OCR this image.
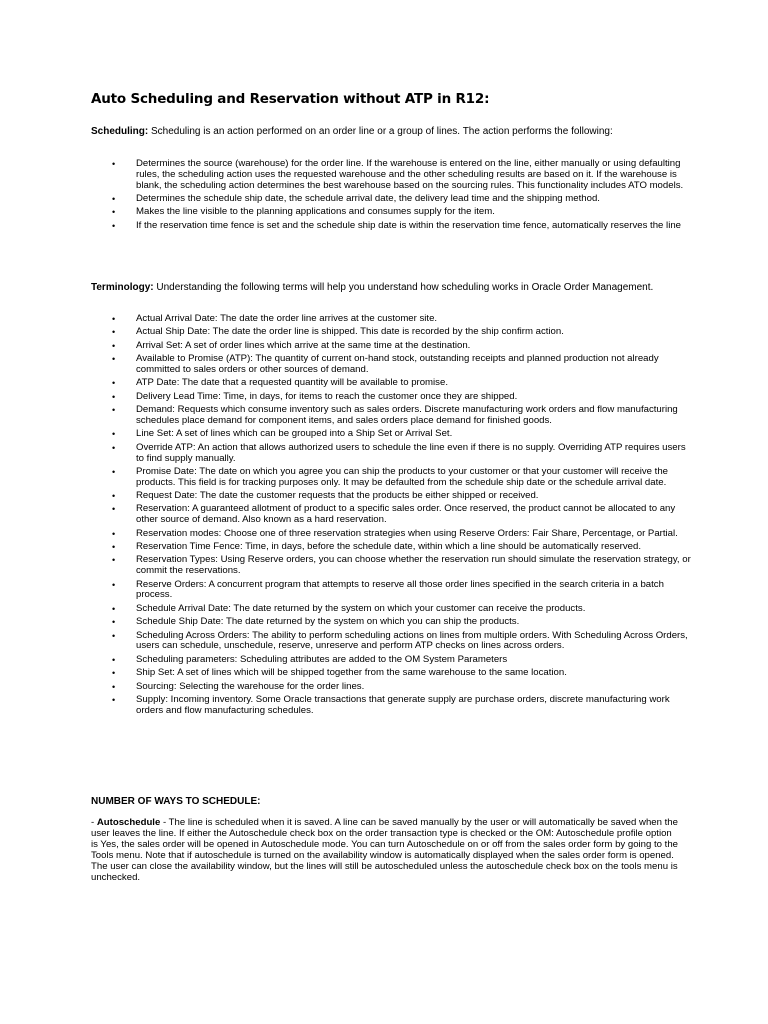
Auto Scheduling and Reservation without ATP in R12:
Scheduling: Scheduling is an action performed on an order line or a group of lines. The action performs the following:
• Determines the source (warehouse) for the order line. If the warehouse is entered on the line, either manually or using defaulting rules, the scheduling action uses the requested warehouse and the other scheduling results are based on it. If the warehouse is blank, the scheduling action determines the best warehouse based on the sourcing rules. This functionality includes ATO models.
• Determines the schedule ship date, the schedule arrival date, the delivery lead time and the shipping method.
• Makes the line visible to the planning applications and consumes supply for the item.
• If the reservation time fence is set and the schedule ship date is within the reservation time fence, automatically reserves the line
Terminology: Understanding the following terms will help you understand how scheduling works in Oracle Order Management.
• Actual Arrival Date: The date the order line arrives at the customer site.
• Actual Ship Date: The date the order line is shipped. This date is recorded by the ship confirm action.
• Arrival Set: A set of order lines which arrive at the same time at the destination.
• Available to Promise (ATP): The quantity of current on-hand stock, outstanding receipts and planned production not already committed to sales orders or other sources of demand.
• ATP Date: The date that a requested quantity will be available to promise.
• Delivery Lead Time: Time, in days, for items to reach the customer once they are shipped.
• Demand: Requests which consume inventory such as sales orders. Discrete manufacturing work orders and flow manufacturing schedules place demand for component items, and sales orders place demand for finished goods.
• Line Set: A set of lines which can be grouped into a Ship Set or Arrival Set.
• Override ATP: An action that allows authorized users to schedule the line even if there is no supply. Overriding ATP requires users to find supply manually.
• Promise Date: The date on which you agree you can ship the products to your customer or that your customer will receive the products. This field is for tracking purposes only. It may be defaulted from the schedule ship date or the schedule arrival date.
• Request Date: The date the customer requests that the products be either shipped or received.
• Reservation: A guaranteed allotment of product to a specific sales order. Once reserved, the product cannot be allocated to any other source of demand. Also known as a hard reservation.
• Reservation modes: Choose one of three reservation strategies when using Reserve Orders: Fair Share, Percentage, or Partial.
• Reservation Time Fence: Time, in days, before the schedule date, within which a line should be automatically reserved.
• Reservation Types: Using Reserve orders, you can choose whether the reservation run should simulate the reservation strategy, or commit the reservations.
• Reserve Orders: A concurrent program that attempts to reserve all those order lines specified in the search criteria in a batch process.
• Schedule Arrival Date: The date returned by the system on which your customer can receive the products.
• Schedule Ship Date: The date returned by the system on which you can ship the products.
• Scheduling Across Orders: The ability to perform scheduling actions on lines from multiple orders. With Scheduling Across Orders, users can schedule, unschedule, reserve, unreserve and perform ATP checks on lines across orders.
• Scheduling parameters: Scheduling attributes are added to the OM System Parameters
• Ship Set: A set of lines which will be shipped together from the same warehouse to the same location.
• Sourcing: Selecting the warehouse for the order lines.
• Supply: Incoming inventory. Some Oracle transactions that generate supply are purchase orders, discrete manufacturing work orders and flow manufacturing schedules.
NUMBER OF WAYS TO SCHEDULE:
- Autoschedule - The line is scheduled when it is saved. A line can be saved manually by the user or will automatically be saved when the user leaves the line. If either the Autoschedule check box on the order transaction type is checked or the OM: Autoschedule profile option is Yes, the sales order will be opened in Autoschedule mode. You can turn Autoschedule on or off from the sales order form by going to the Tools menu. Note that if autoschedule is turned on the availability window is automatically displayed when the sales order form is opened. The user can close the availability window, but the lines will still be autoscheduled unless the autoschedule check box on the tools menu is unchecked.
